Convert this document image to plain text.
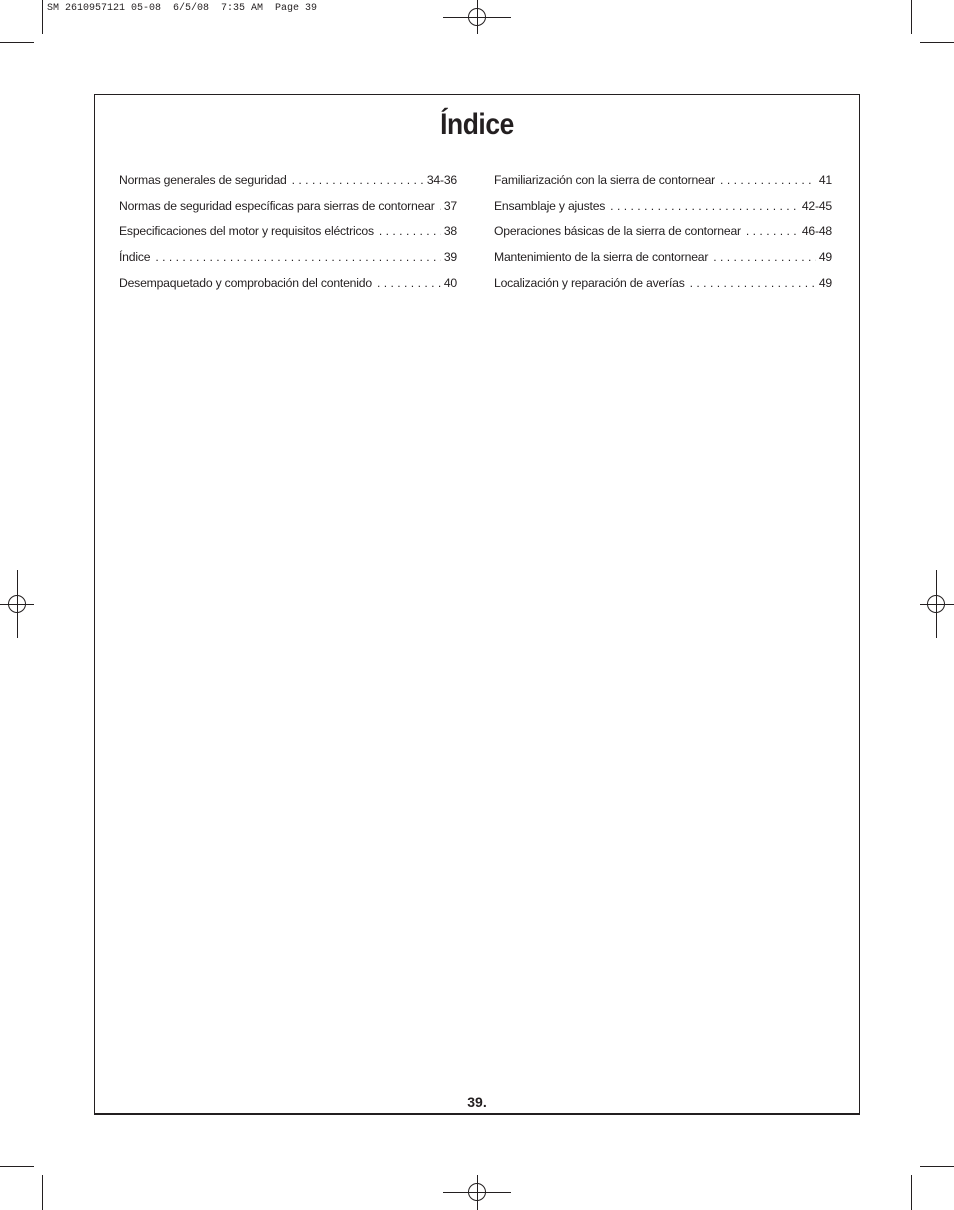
SM 2610957121 05-08  6/5/08  7:35 AM  Page 39
Índice
Normas generales de seguridad . . .	34-36
Normas de seguridad específicas para sierras de contornear . . . 37
Especificaciones del motor y requisitos eléctricos . . .	38
Índice . . .	39
Desempaquetado y comprobación del contenido . . .	40
Familiarización con la sierra de contornear . . .	41
Ensamblaje y ajustes . . .	42-45
Operaciones básicas de la sierra de contornear . . .	46-48
Mantenimiento de la sierra de contornear . . .	49
Localización y reparación de averías . . .	49
39.
